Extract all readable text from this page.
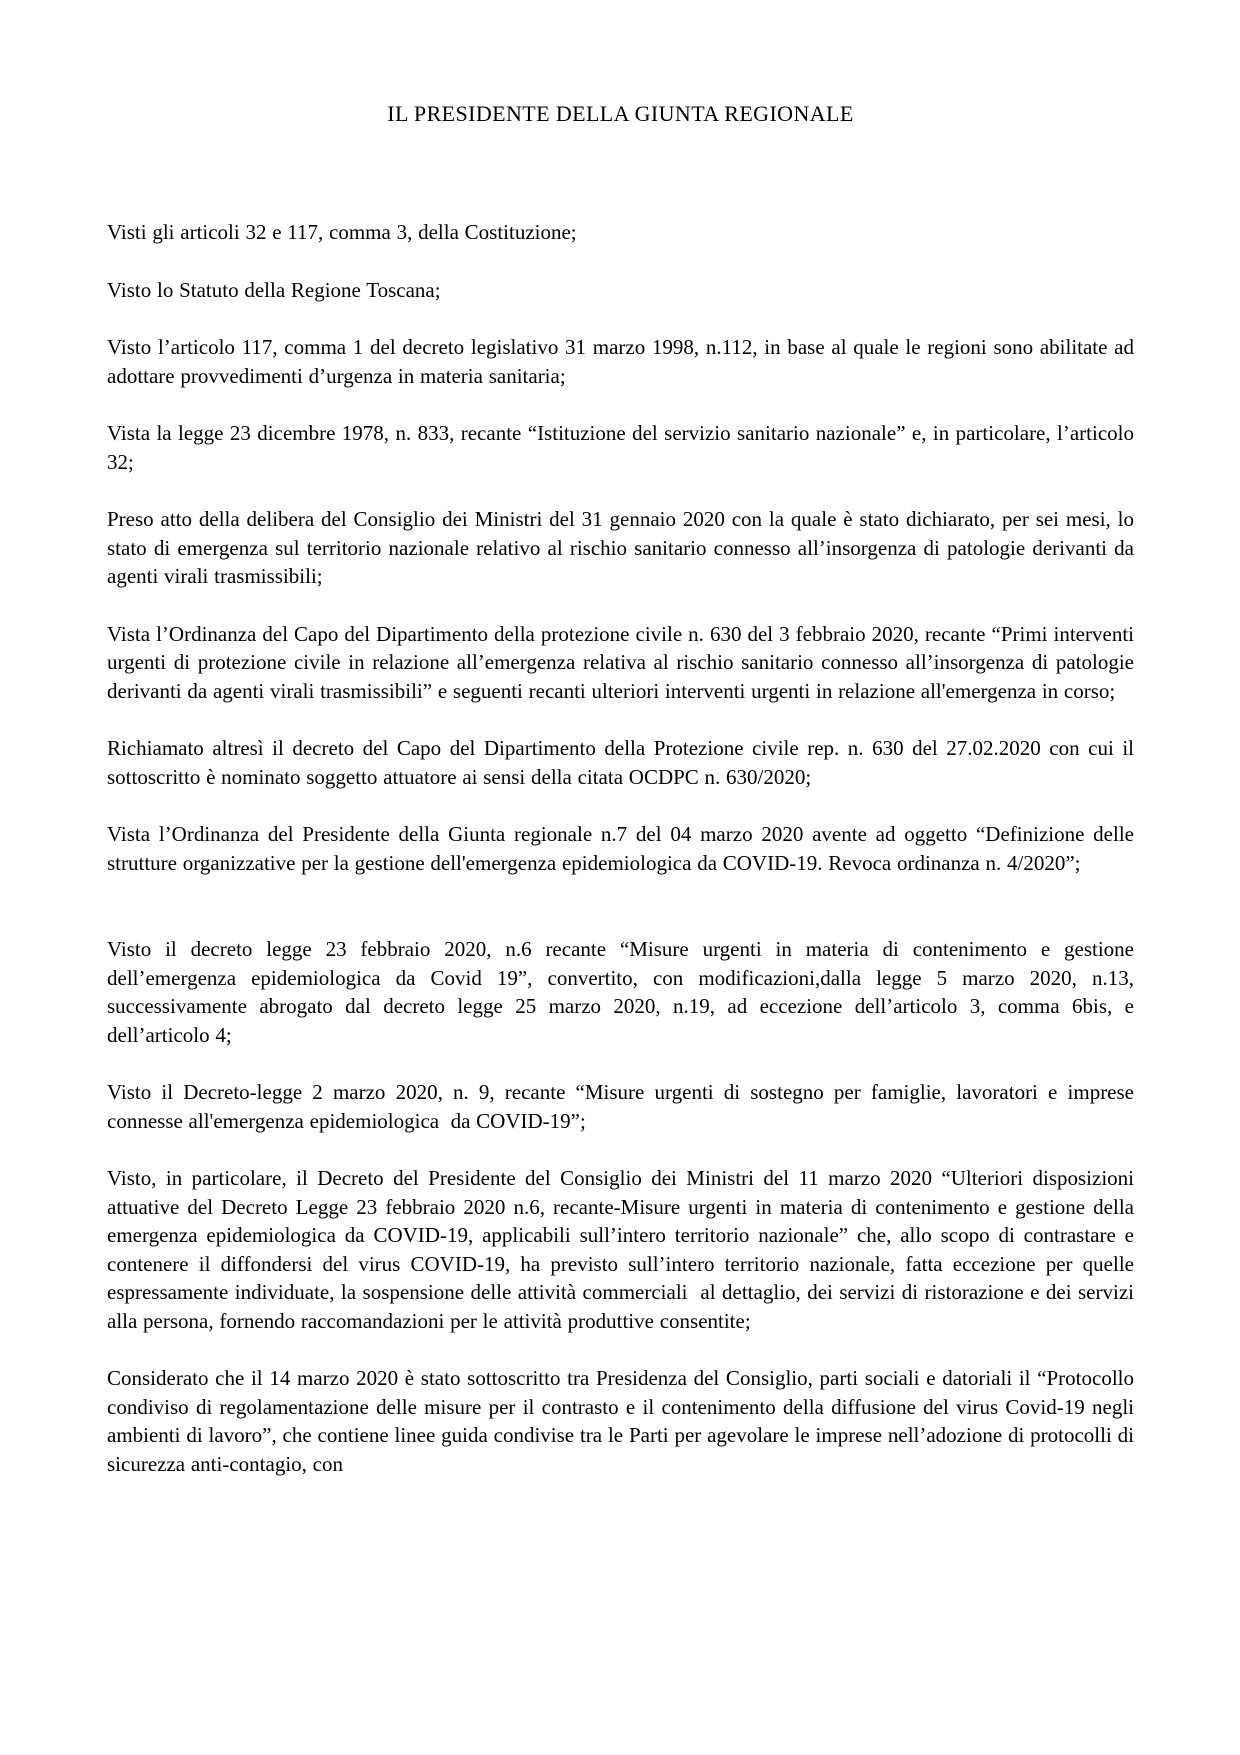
IL PRESIDENTE DELLA GIUNTA REGIONALE

Visti gli articoli 32 e 117, comma 3, della Costituzione;

Visto lo Statuto della Regione Toscana;

Visto l’articolo 117, comma 1 del decreto legislativo 31 marzo 1998, n.112, in base al quale le regioni sono abilitate ad adottare provvedimenti d’urgenza in materia sanitaria;

Vista la legge 23 dicembre 1978, n. 833, recante “Istituzione del servizio sanitario nazionale” e, in particolare, l’articolo 32;

Preso atto della delibera del Consiglio dei Ministri del 31 gennaio 2020 con la quale è stato dichiarato, per sei mesi, lo stato di emergenza sul territorio nazionale relativo al rischio sanitario connesso all’insorgenza di patologie derivanti da agenti virali trasmissibili;

Vista l’Ordinanza del Capo del Dipartimento della protezione civile n. 630 del 3 febbraio 2020, recante “Primi interventi urgenti di protezione civile in relazione all’emergenza relativa al rischio sanitario connesso all’insorgenza di patologie derivanti da agenti virali trasmissibili” e seguenti recanti ulteriori interventi urgenti in relazione all'emergenza in corso;

Richiamato altresì il decreto del Capo del Dipartimento della Protezione civile rep. n. 630 del 27.02.2020 con cui il sottoscritto è nominato soggetto attuatore ai sensi della citata OCDPC n. 630/2020;

Vista l’Ordinanza del Presidente della Giunta regionale n.7 del 04 marzo 2020 avente ad oggetto “Definizione delle strutture organizzative per la gestione dell'emergenza epidemiologica da COVID-19. Revoca ordinanza n. 4/2020”;

Visto il decreto legge 23 febbraio 2020, n.6 recante “Misure urgenti in materia di contenimento e gestione dell’emergenza epidemiologica da Covid 19”, convertito, con modificazioni,dalla legge 5 marzo 2020, n.13, successivamente abrogato dal decreto legge 25 marzo 2020, n.19, ad eccezione dell’articolo 3, comma 6bis, e dell’articolo 4;

Visto il Decreto-legge 2 marzo 2020, n. 9, recante “Misure urgenti di sostegno per famiglie, lavoratori e imprese connesse all'emergenza epidemiologica  da COVID-19”;

Visto, in particolare, il Decreto del Presidente del Consiglio dei Ministri del 11 marzo 2020 “Ulteriori disposizioni attuative del Decreto Legge 23 febbraio 2020 n.6, recante-Misure urgenti in materia di contenimento e gestione della emergenza epidemiologica da COVID-19, applicabili sull’intero territorio nazionale” che, allo scopo di contrastare e contenere il diffondersi del virus COVID-19, ha previsto sull’intero territorio nazionale, fatta eccezione per quelle espressamente individuate, la sospensione delle attività commerciali  al dettaglio, dei servizi di ristorazione e dei servizi alla persona, fornendo raccomandazioni per le attività produttive consentite;

Considerato che il 14 marzo 2020 è stato sottoscritto tra Presidenza del Consiglio, parti sociali e datoriali il “Protocollo condiviso di regolamentazione delle misure per il contrasto e il contenimento della diffusione del virus Covid-19 negli ambienti di lavoro”, che contiene linee guida condivise tra le Parti per agevolare le imprese nell’adozione di protocolli di sicurezza anti-contagio, con
